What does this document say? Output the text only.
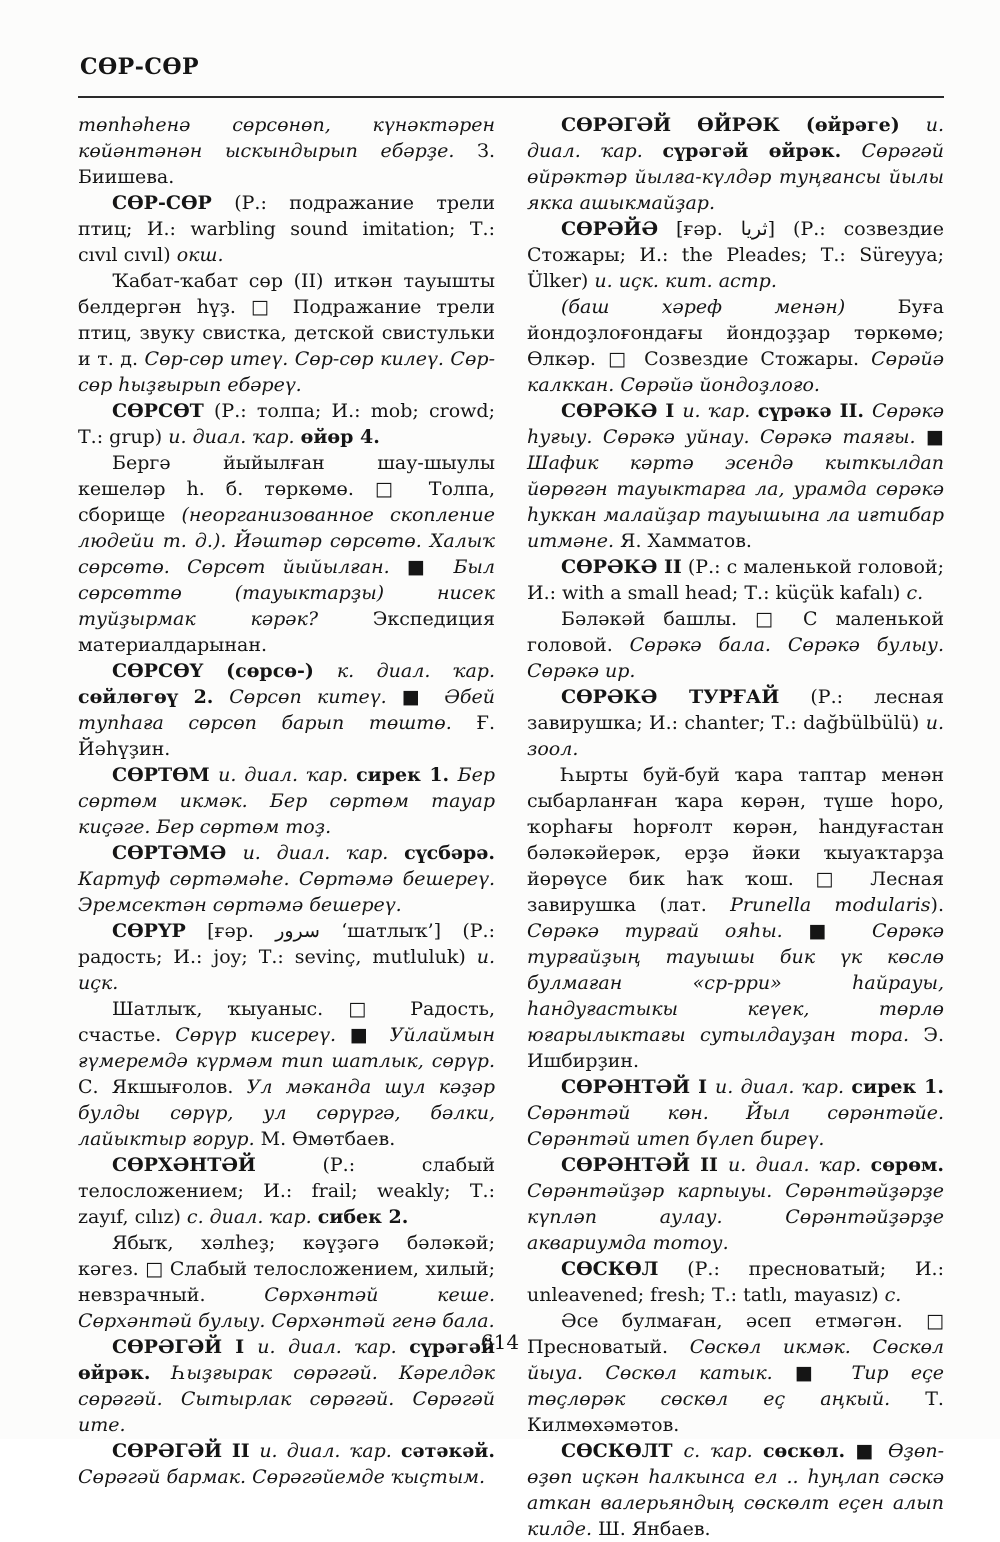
СӨР-СӨР

төпһәһенә сөрсөнөп, күнәктәрен көйәнтәнән ыскындырып ебәрҙе. З. Биишева.

СӨР-СӨР (Р.: подражание трели птиц; И.: warbling sound imitation; Т.: cıvıl cıvıl) окш.

Ҡабат-ҡабат сөр (II) иткән тауышты белдергән һүҙ. □ Подражание трели птиц, звуку свистка, детской свистульки и т. д. Сөр-сөр итеү. Сөр-сөр килеү. Сөр-сөр һыҙғырып ебәреү.

СӨРСӨТ (Р.: толпа; И.: mob; crowd; Т.: grup) и. диал. ҡар. өйөр 4.

Бергә йыйылған шау-шыулы кешеләр һ. б. төркөмө. □ Толпа, сборище (неорганизованное скопление людейи т. д.). Йәштәр сөрсөтө. Халыҡ сөрсөтө. Сөрсөт йыйылған. ■ Был сөрсөттө (тауыктарҙы) нисек туйҙырмак кәрәк? Экспедиция материалдарынан.

СӨРСӨҮ (сөрсө-) к. диал. ҡар. сөйлөгөү 2. Сөрсөп китеү. ■ Әбей тупһаға сөрсөп барып төштө. Ғ. Йәһүҙин.

СӨРТӨМ и. диал. ҡар. сирек 1. Бер сөртөм икмәк. Бер сөртөм тауар киҫәге. Бер сөртөм тоҙ.

СӨРТӘМӘ и. диал. ҡар. сүсбәрә. Картуф сөртәмәһе. Сөртәмә бешереү. Эремсектән сөртәмә бешереү.

СӨРҮР [ғәр. سرور ‘шатлыҡ’] (Р.: радость; И.: joy; Т.: sevinç, mutluluk) и. иҫк.

Шатлыҡ, ҡыуаныс. □ Радость, счастье. Сөрүр кисереү. ■ Уйлаймын ғүмеремдә күрмәм тип шатлык, сөрүр. С. Якшығолов. Ул мәканда шул кәҙәр булды сөрүр, ул сөрүргә, бәлки, лайыктыр ғорур. М. Өмөтбаев.

СӨРХӘНТӘЙ (Р.: слабый телосложением; И.: frail; weakly; Т.: zayıf, cılız) с. диал. ҡар. сибек 2.

Ябыҡ, хәлһеҙ; кәүҙәгә бәләкәй; кәгез. □ Слабый телосложением, хилый; невзрачный. Сөрхәнтәй кеше. Сөрхәнтәй булыу. Сөрхәнтәй генә бала.

СӨРӘГӘЙ I и. диал. ҡар. сүрәгәй өйрәк. Һыҙғырак сөрәгәй. Кәрелдәк сөрәгәй. Сытырлак сөрәгәй. Сөрәгәй ите.

СӨРӘГӘЙ II и. диал. ҡар. сәтәкәй. Сөрәгәй бармак. Сөрәгәйемде ҡыҫтым.

СӨРӘГӘЙ ӨЙРӘК (өйрәге) и. диал. ҡар. сүрәгәй өйрәк. Сөрәгәй өйрәктәр йылға-күлдәр туңғансы йылы якка ашыкмайҙар.

СӨРӘЙӘ [ғәр. ثريا] (Р.: созвездие Стожары; И.: the Pleades; Т.: Süreyya; Ülker) и. иҫк. кит. астр.

(баш хәреф менән) Буға йондоҙлоғондағы йондоҙҙар төркөмө; Өлкәр. □ Созвездие Стожары. Сөрәйә калккан. Сөрәйә йондоҙлоғо.

СӨРӘКӘ I и. ҡар. сүрәкә II. Сөрәкә һуғыу. Сөрәкә уйнау. Сөрәкә таяғы. ■ Шафик кәртә эсендә кыткылдап йөрөгән тауыктарға ла, урамда сөрәкә һуккан малайҙар тауышына ла иғтибар итмәне. Я. Хамматов.

СӨРӘКӘ II (Р.: с маленькой головой; И.: with a small head; Т.: küçük kafalı) с.

Бәләкәй башлы. □ С маленькой головой. Сөрәкә бала. Сөрәкә булыу. Сөрәкә ир.

СӨРӘКӘ ТУРҒАЙ (Р.: лесная завирушка; И.: chanter; Т.: dağbülbülü) и. зоол.

Һырты буй-буй ҡара таптар менән сыбарланған ҡара көрән, түше һоро, ҡорһағы һорғолт көрән, һандуғастан бәләкәйерәк, ерҙә йәки ҡыуаҡтарҙа йөрөүсе бик һаҡ ҡош. □ Лесная завирушка (лат. Prunella modularis). Сөрәкә турғай ояһы. ■ Сөрәкә турғайҙың тауышы бик үк көслө булмаған «ср-рри» һайрауы, һандуғастыкы кеүек, төрлө юғарылыктағы сутылдауҙан тора. Э. Ишбирҙин.

СӨРӘНТӘЙ I и. диал. ҡар. сирек 1. Сөрәнтәй көн. Йыл сөрәнтәйе. Сөрәнтәй итеп бүлеп биреү.

СӨРӘНТӘЙ II и. диал. ҡар. сөрөм. Сөрәнтәйҙәр карпыуы. Сөрәнтәйҙәрҙе күпләп аулау. Сөрәнтәйҙәрҙе аквариумда тотоу.

СӨСКӨЛ (Р.: пресноватый; И.: unleavened; fresh; Т.: tatlı, mayasız) с.

Әсе булмаған, әсеп етмәгән. □ Пресноватый. Сөскөл икмәк. Сөскөл йыуа. Сөскөл катык. ■ Тир еҫе төҫлөрәк сөскөл еҫ аңкый. Т. Килмөхәмәтов.

СӨСКӨЛТ с. ҡар. сөскөл. ■ Өҙөп-өҙөп иҫкән һалкынса ел .. һуңлап сәскә аткан валерьяндың сөскөлт еҫен алып килде. Ш. Янбаев.

614
